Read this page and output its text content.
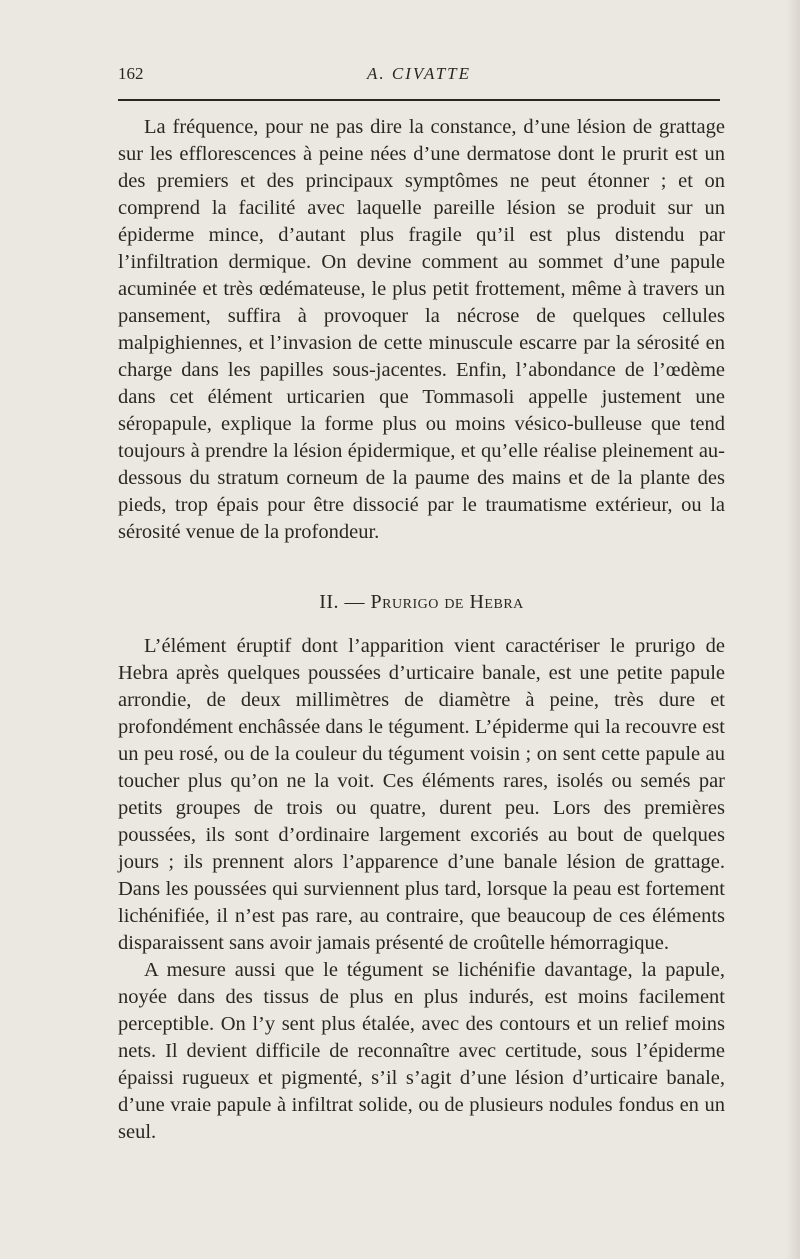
162	A. CIVATTE

La fréquence, pour ne pas dire la constance, d’une lésion de grattage sur les efflorescences à peine nées d’une dermatose dont le prurit est un des premiers et des principaux symptômes ne peut étonner ; et on comprend la facilité avec laquelle pareille lésion se produit sur un épiderme mince, d’autant plus fragile qu’il est plus distendu par l’infiltration dermique. On devine comment au sommet d’une papule acuminée et très œdémateuse, le plus petit frottement, même à travers un pansement, suffira à provoquer la nécrose de quelques cellules malpighiennes, et l’invasion de cette minuscule escarre par la sérosité en charge dans les papilles sous-jacentes. Enfin, l’abondance de l’œdème dans cet élément urticarien que Tommasoli appelle justement une séropapule, explique la forme plus ou moins vésico-bulleuse que tend toujours à prendre la lésion épidermique, et qu’elle réalise pleinement au-dessous du stratum corneum de la paume des mains et de la plante des pieds, trop épais pour être dissocié par le traumatisme extérieur, ou la sérosité venue de la profondeur.

II. — Prurigo de Hebra

L’élément éruptif dont l’apparition vient caractériser le prurigo de Hebra après quelques poussées d’urticaire banale, est une petite papule arrondie, de deux millimètres de diamètre à peine, très dure et profondément enchâssée dans le tégument. L’épiderme qui la recouvre est un peu rosé, ou de la couleur du tégument voisin ; on sent cette papule au toucher plus qu’on ne la voit. Ces éléments rares, isolés ou semés par petits groupes de trois ou quatre, durent peu. Lors des premières poussées, ils sont d’ordinaire largement excoriés au bout de quelques jours ; ils prennent alors l’apparence d’une banale lésion de grattage. Dans les poussées qui surviennent plus tard, lorsque la peau est fortement lichénifiée, il n’est pas rare, au contraire, que beaucoup de ces éléments disparaissent sans avoir jamais présenté de croûtelle hémorragique.

A mesure aussi que le tégument se lichénifie davantage, la papule, noyée dans des tissus de plus en plus indurés, est moins facilement perceptible. On l’y sent plus étalée, avec des contours et un relief moins nets. Il devient difficile de reconnaître avec certitude, sous l’épiderme épaissi rugueux et pigmenté, s’il s’agit d’une lésion d’urticaire banale, d’une vraie papule à infiltrat solide, ou de plusieurs nodules fondus en un seul.
